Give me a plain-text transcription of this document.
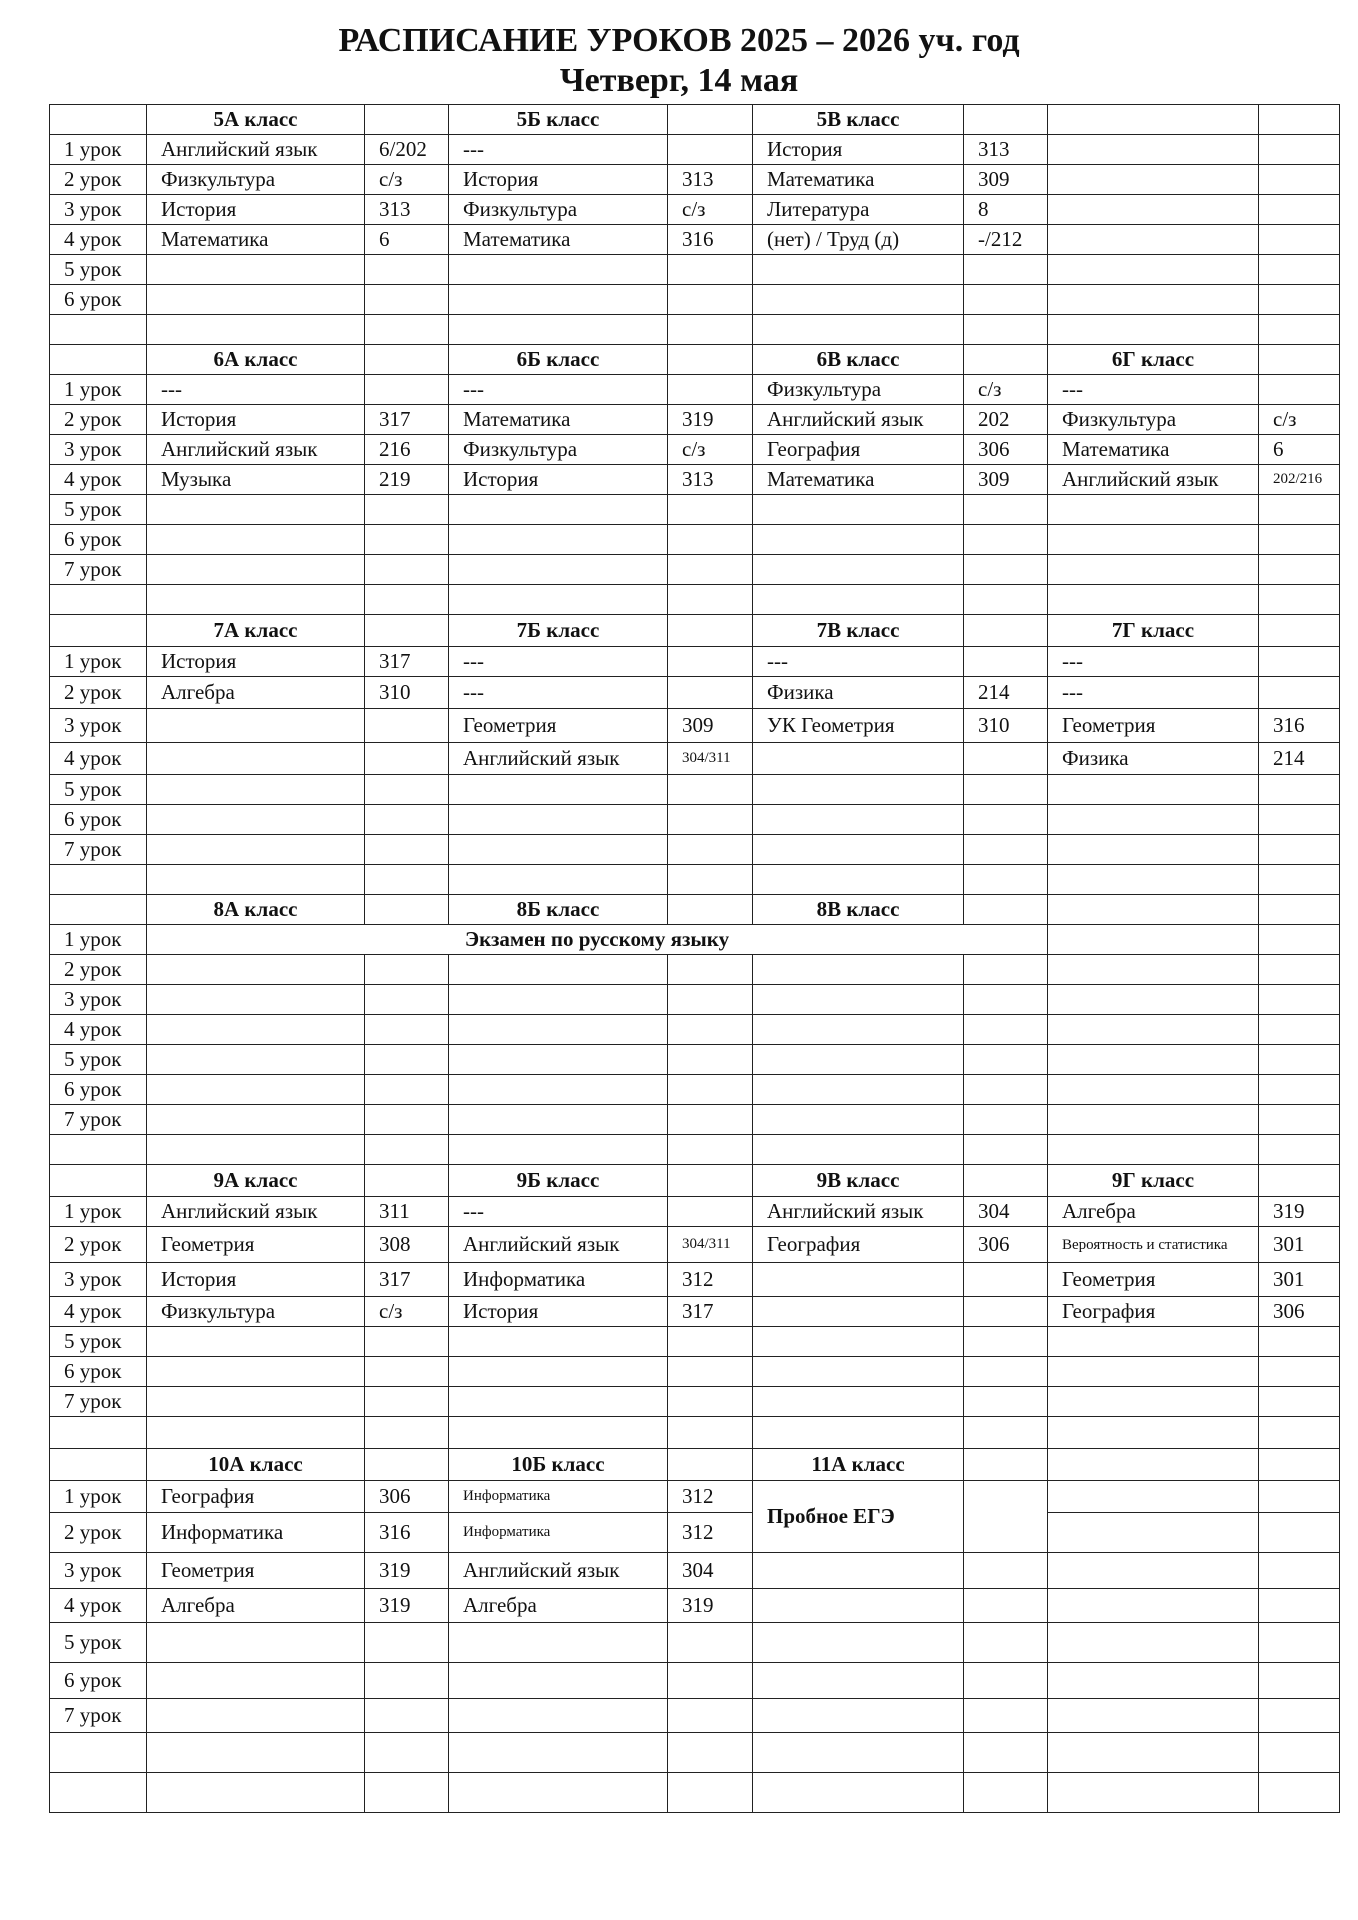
РАСПИСАНИЕ УРОКОВ 2025 – 2026 уч. год
Четверг, 14 мая
	5А класс		5Б класс		5В класс			
1 урок	Английский язык	6/202	---		История	313		
2 урок	Физкультура	с/з	История	313	Математика	309		
3 урок	История	313	Физкультура	с/з	Литература	8		
4 урок	Математика	6	Математика	316	(нет) / Труд (д)	-/212		
5 урок								
6 урок								

	6А класс		6Б класс		6В класс		6Г класс	
1 урок	---		---		Физкультура	с/з	---	
2 урок	История	317	Математика	319	Английский язык	202	Физкультура	с/з
3 урок	Английский язык	216	Физкультура	с/з	География	306	Математика	6
4 урок	Музыка	219	История	313	Математика	309	Английский язык	202/216
5 урок								
6 урок								
7 урок								

	7А класс		7Б класс		7В класс		7Г класс	
1 урок	История	317	---		---		---	
2 урок	Алгебра	310	---		Физика	214	---	
3 урок			Геометрия	309	УК Геометрия	310	Геометрия	316
4 урок			Английский язык	304/311			Физика	214
5 урок								
6 урок								
7 урок								

	8А класс		8Б класс		8В класс			
1 урок	Экзамен по русскому языку							
2 урок								
3 урок								
4 урок								
5 урок								
6 урок								
7 урок								

	9А класс		9Б класс		9В класс		9Г класс	
1 урок	Английский язык	311	---		Английский язык	304	Алгебра	319
2 урок	Геометрия	308	Английский язык	304/311	География	306	Вероятность и статистика	301
3 урок	История	317	Информатика	312			Геометрия	301
4 урок	Физкультура	с/з	История	317			География	306
5 урок								
6 урок								
7 урок								

	10А класс		10Б класс		11А класс			
1 урок	География	306	Информатика	312	Пробное ЕГЭ			
2 урок	Информатика	316	Информатика	312				
3 урок	Геометрия	319	Английский язык	304				
4 урок	Алгебра	319	Алгебра	319				
5 урок								
6 урок								
7 урок								
